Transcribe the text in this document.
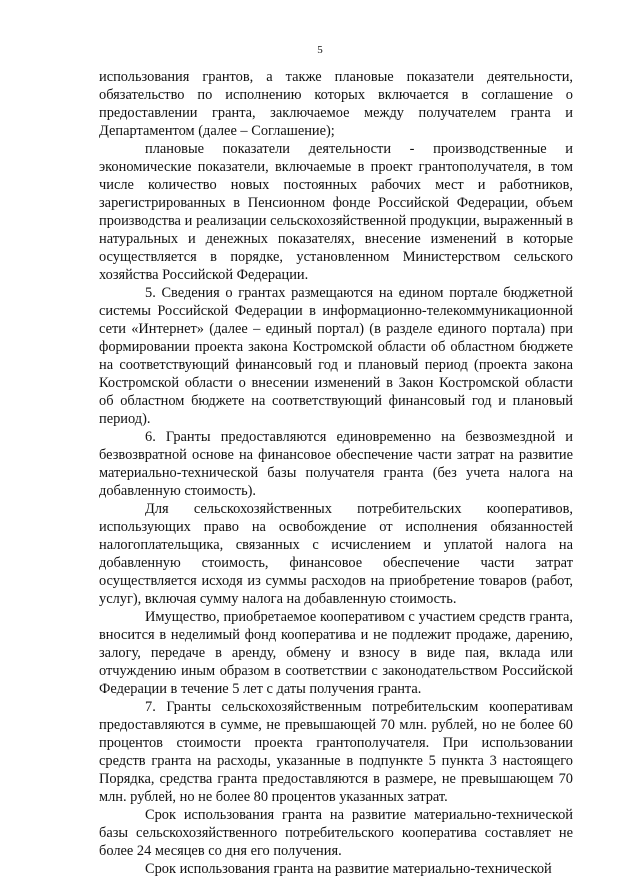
5

использования грантов, а также плановые показатели деятельности, обязательство по исполнению которых включается в соглашение о предоставлении гранта, заключаемое между получателем гранта и Департаментом (далее – Соглашение);

плановые показатели деятельности - производственные и экономические показатели, включаемые в проект грантополучателя, в том числе количество новых постоянных рабочих мест и работников, зарегистрированных в Пенсионном фонде Российской Федерации, объем производства и реализации сельскохозяйственной продукции, выраженный в натуральных и денежных показателях, внесение изменений в которые осуществляется в порядке, установленном Министерством сельского хозяйства Российской Федерации.

5. Сведения о грантах размещаются на едином портале бюджетной системы Российской Федерации в информационно-телекоммуникационной сети «Интернет» (далее – единый портал) (в разделе единого портала) при формировании проекта закона Костромской области об областном бюджете на соответствующий финансовый год и плановый период (проекта закона Костромской области о внесении изменений в Закон Костромской области об областном бюджете на соответствующий финансовый год и плановый период).

6. Гранты предоставляются единовременно на безвозмездной и безвозвратной основе на финансовое обеспечение части затрат на развитие материально-технической базы получателя гранта (без учета налога на добавленную стоимость).

Для сельскохозяйственных потребительских кооперативов, использующих право на освобождение от исполнения обязанностей налогоплательщика, связанных с исчислением и уплатой налога на добавленную стоимость, финансовое обеспечение части затрат осуществляется исходя из суммы расходов на приобретение товаров (работ, услуг), включая сумму налога на добавленную стоимость.

Имущество, приобретаемое кооперативом с участием средств гранта, вносится в неделимый фонд кооператива и не подлежит продаже, дарению, залогу, передаче в аренду, обмену и взносу в виде пая, вклада или отчуждению иным образом в соответствии с законодательством Российской Федерации в течение 5 лет с даты получения гранта.

7. Гранты сельскохозяйственным потребительским кооперативам предоставляются в сумме, не превышающей 70 млн. рублей, но не более 60 процентов стоимости проекта грантополучателя. При использовании средств гранта на расходы, указанные в подпункте 5 пункта 3 настоящего Порядка, средства гранта предоставляются в размере, не превышающем 70 млн. рублей, но не более 80 процентов указанных затрат.

Срок использования гранта на развитие материально-технической базы сельскохозяйственного потребительского кооператива составляет не более 24 месяцев со дня его получения.

Срок использования гранта на развитие материально-технической
